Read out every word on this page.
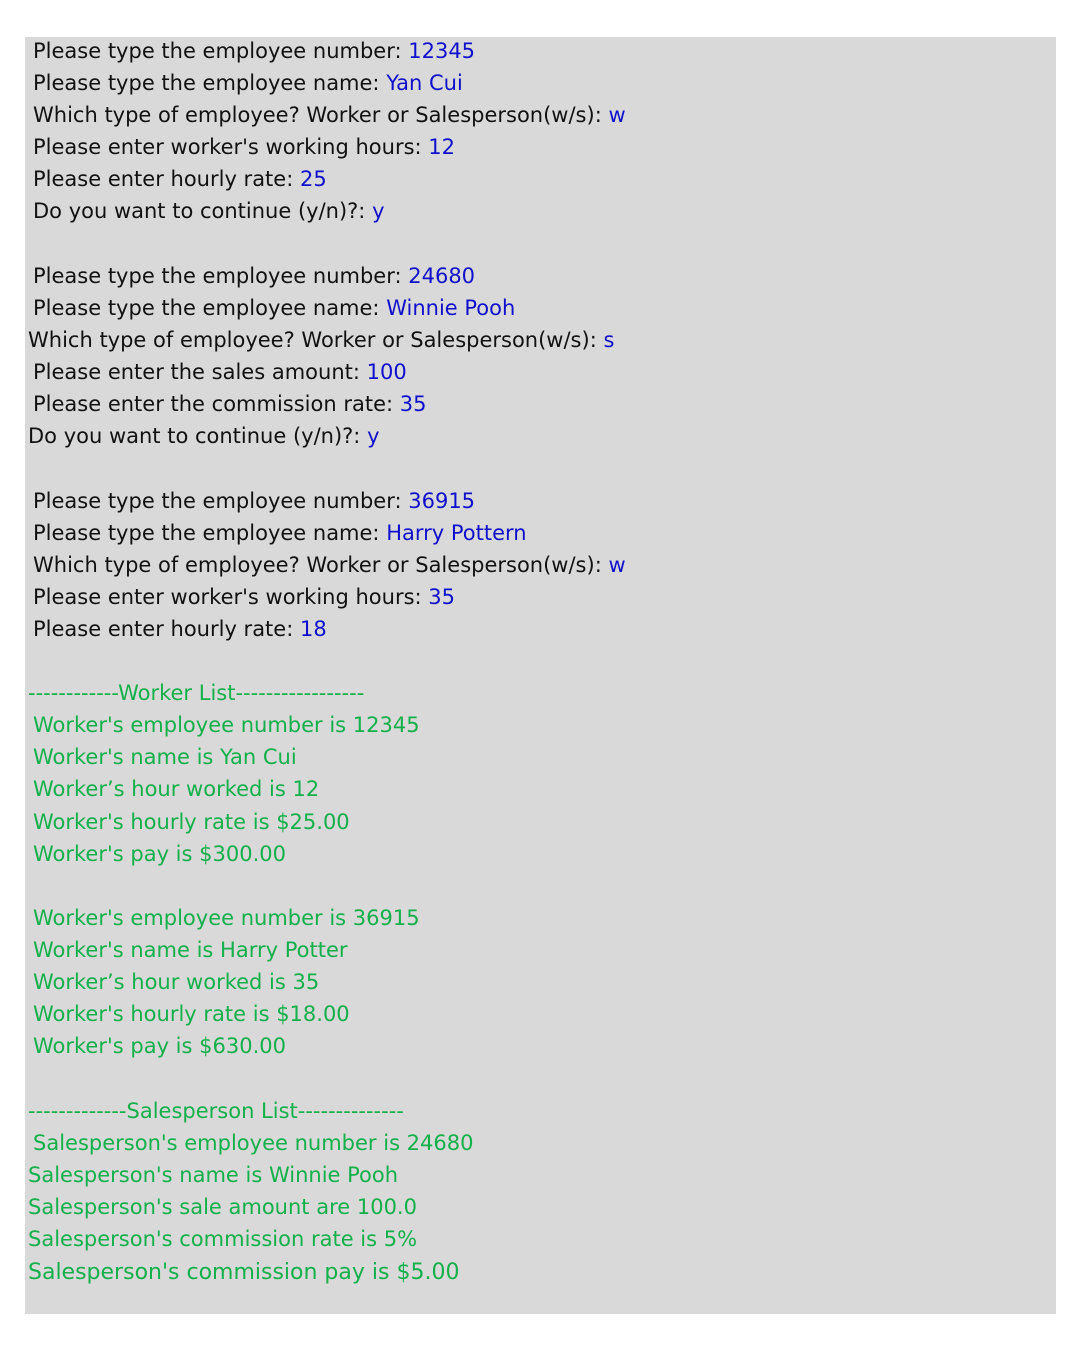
Please type the employee number: 12345
Please type the employee name: Yan Cui
Which type of employee? Worker or Salesperson(w/s): w
Please enter worker's working hours: 12
Please enter hourly rate: 25
Do you want to continue (y/n)?: y
Please type the employee number: 24680
Please type the employee name: Winnie Pooh
Which type of employee? Worker or Salesperson(w/s): s
Please enter the sales amount: 100
Please enter the commission rate: 35
Do you want to continue (y/n)?: y
Please type the employee number: 36915
Please type the employee name: Harry Pottern
Which type of employee? Worker or Salesperson(w/s): w
Please enter worker's working hours: 35
Please enter hourly rate: 18
------------Worker List-----------------
Worker's employee number is 12345
Worker's name is Yan Cui
Worker’s hour worked is 12
Worker's hourly rate is $25.00
Worker's pay is $300.00
Worker's employee number is 36915
Worker's name is Harry Potter
Worker’s hour worked is 35
Worker's hourly rate is $18.00
Worker's pay is $630.00
-------------Salesperson List--------------
Salesperson's employee number is 24680
Salesperson's name is Winnie Pooh
Salesperson's sale amount are 100.0
Salesperson's commission rate is 5%
Salesperson's commission pay is $5.00
